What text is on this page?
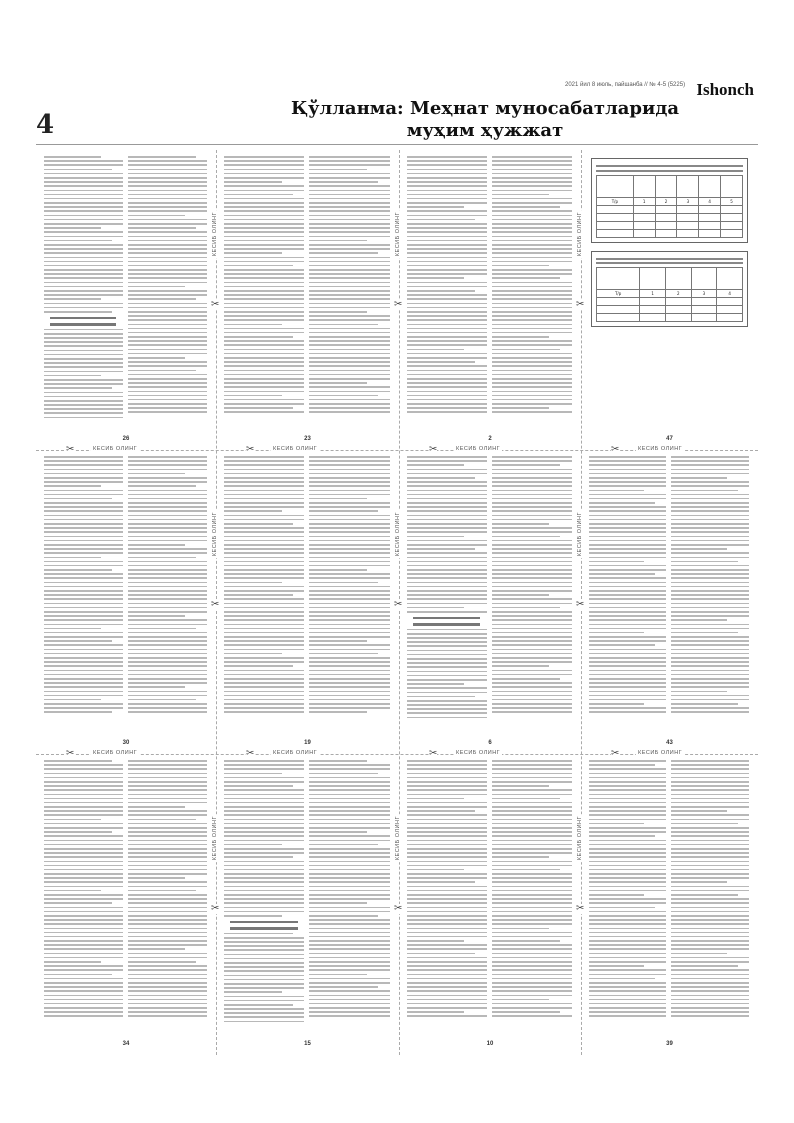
2021 йил 8 июль, пайшанба // № 4-5 (5225) Ishonch
4
Қўлланма: Меҳнат муносабатларида
муҳим ҳужжат
26	23	2

Т/р	1	2	3	4	5

Т/р	1	2	3	4

47
30	19	6	43
34	15	10	39
КЕСИБ ОЛИНГ
✂	КЕСИБ ОЛИНГ
✂	КЕСИБ ОЛИНГ
✂	КЕСИБ ОЛИНГ
✂
КЕСИБ ОЛИНГ
✂	КЕСИБ ОЛИНГ
✂	КЕСИБ ОЛИНГ
✂	КЕСИБ ОЛИНГ
✂
КЕСИБ ОЛИНГ
✂
КЕСИБ ОЛИНГ
✂
КЕСИБ ОЛИНГ
✂
КЕСИБ ОЛИНГ
✂
КЕСИБ ОЛИНГ
✂
КЕСИБ ОЛИНГ
✂
КЕСИБ ОЛИНГ
✂
КЕСИБ ОЛИНГ
✂
КЕСИБ ОЛИНГ
✂
